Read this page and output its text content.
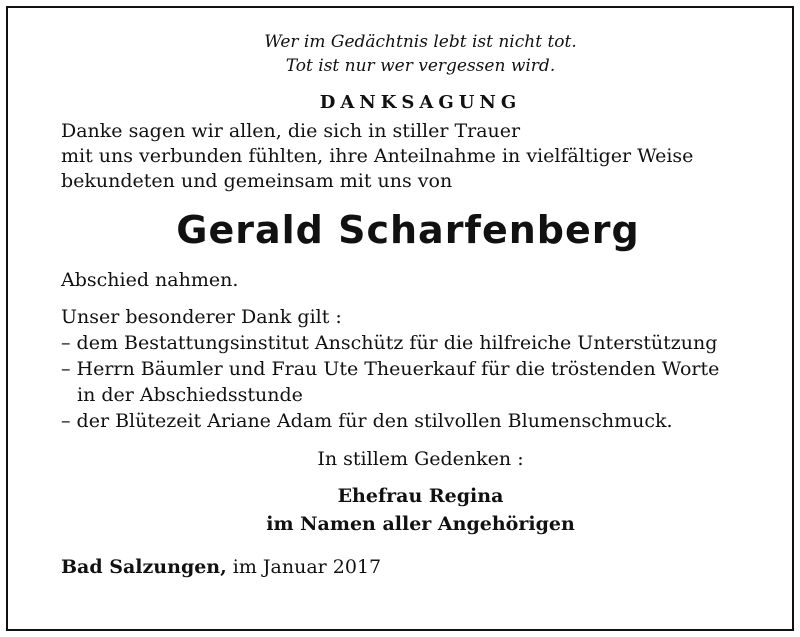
Wer im Gedächtnis lebt ist nicht tot.

Tot ist nur wer vergessen wird.

DANKSAGUNG

Danke sagen wir allen, die sich in stiller Trauer

mit uns verbunden fühlten, ihre Anteilnahme in vielfältiger Weise

bekundeten und gemeinsam mit uns von

Gerald Scharfenberg

Abschied nahmen.

Unser besonderer Dank gilt :

– dem Bestattungsinstitut Anschütz für die hilfreiche Unterstützung
– Herrn Bäumler und Frau Ute Theuerkauf für die tröstenden Worte
in der Abschiedsstunde
– der Blütezeit Ariane Adam für den stilvollen Blumenschmuck.
In stillem Gedenken :
Ehefrau Regina
im Namen aller Angehörigen
Bad Salzungen, im Januar 2017
